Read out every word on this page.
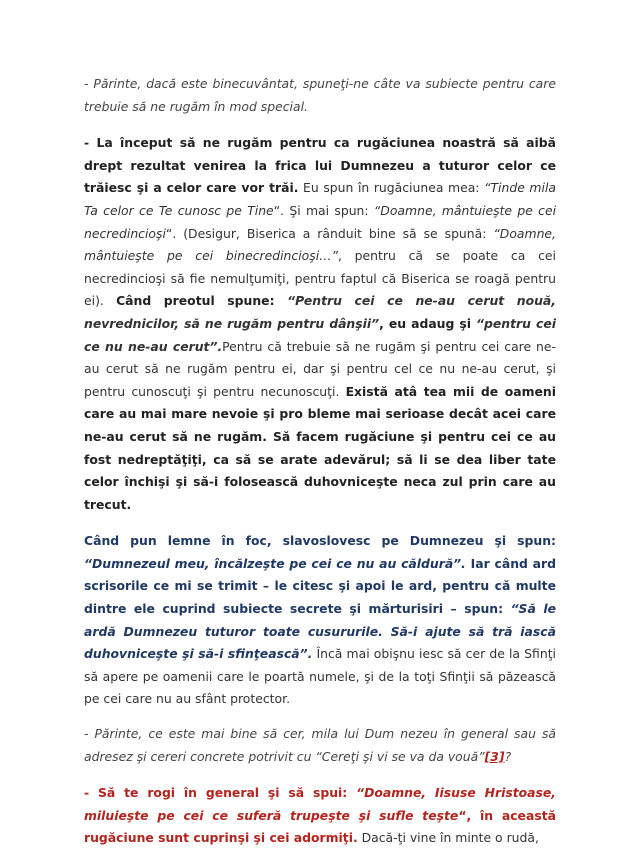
- Părinte, dacă este binecuvântat, spuneţi-ne câte va subiecte pentru care trebuie să ne rugăm în mod special.

- La început să ne rugăm pentru ca rugăciunea noastră să aibă drept rezultat venirea la frica lui Dumnezeu a tuturor celor ce trăiesc şi a celor care vor trăi. Eu spun în rugăciunea mea: “Tinde mila Ta celor ce Te cunosc pe Tine“. Şi mai spun: “Doamne, mântuieşte pe cei necredincioşi“. (Desigur, Biserica a rânduit bine să se spună: “Doamne, mântuieşte pe cei binecredincioşi…”, pentru că se poate ca cei necredincioşi să fie nemulţumiţi, pentru faptul că Biserica se roagă pentru ei). Când preotul spune: “Pentru cei ce ne-au cerut nouă, nevrednicilor, să ne rugăm pentru dânşii”, eu adaug şi “pentru cei ce nu ne-au cerut”.Pentru că trebuie să ne rugăm şi pentru cei care ne-au cerut să ne rugăm pentru ei, dar şi pentru cel ce nu ne-au cerut, şi pentru cunoscuţi şi pentru necunoscuţi. Există atâ tea mii de oameni care au mai mare nevoie şi pro bleme mai serioase decât acei care ne-au cerut să ne rugăm. Să facem rugăciune şi pentru cei ce au fost nedreptăţiţi, ca să se arate adevărul; să li se dea liber tate celor închişi şi să-i folosească duhovniceşte neca zul prin care au trecut.

Când pun lemne în foc, slavoslovesc pe Dumnezeu şi spun: “Dumnezeul meu, încălzeşte pe cei ce nu au căldură”. Iar când ard scrisorile ce mi se trimit – le citesc şi apoi le ard, pentru că multe dintre ele cuprind subiecte secrete şi mărturisiri – spun: “Să le ardă Dumnezeu tuturor toate cusururile. Să-i ajute să tră iască duhovniceşte şi să-i sfinţească”. Încă mai obişnu iesc să cer de la Sfinţi să apere pe oamenii care le poartă numele, şi de la toţi Sfinţii să păzească pe cei care nu au sfânt protector.

- Părinte, ce este mai bine să cer, mila lui Dum nezeu în general sau să adresez şi cereri concrete potrivit cu “Cereţi şi vi se va da vouă”[3]?

- Să te rogi în general şi să spui: “Doamne, Iisuse Hristoase, miluieşte pe cei ce suferă trupeşte şi sufle teşte“, în această rugăciune sunt cuprinşi şi cei adormiţi. Dacă-ţi vine în minte o rudă,
